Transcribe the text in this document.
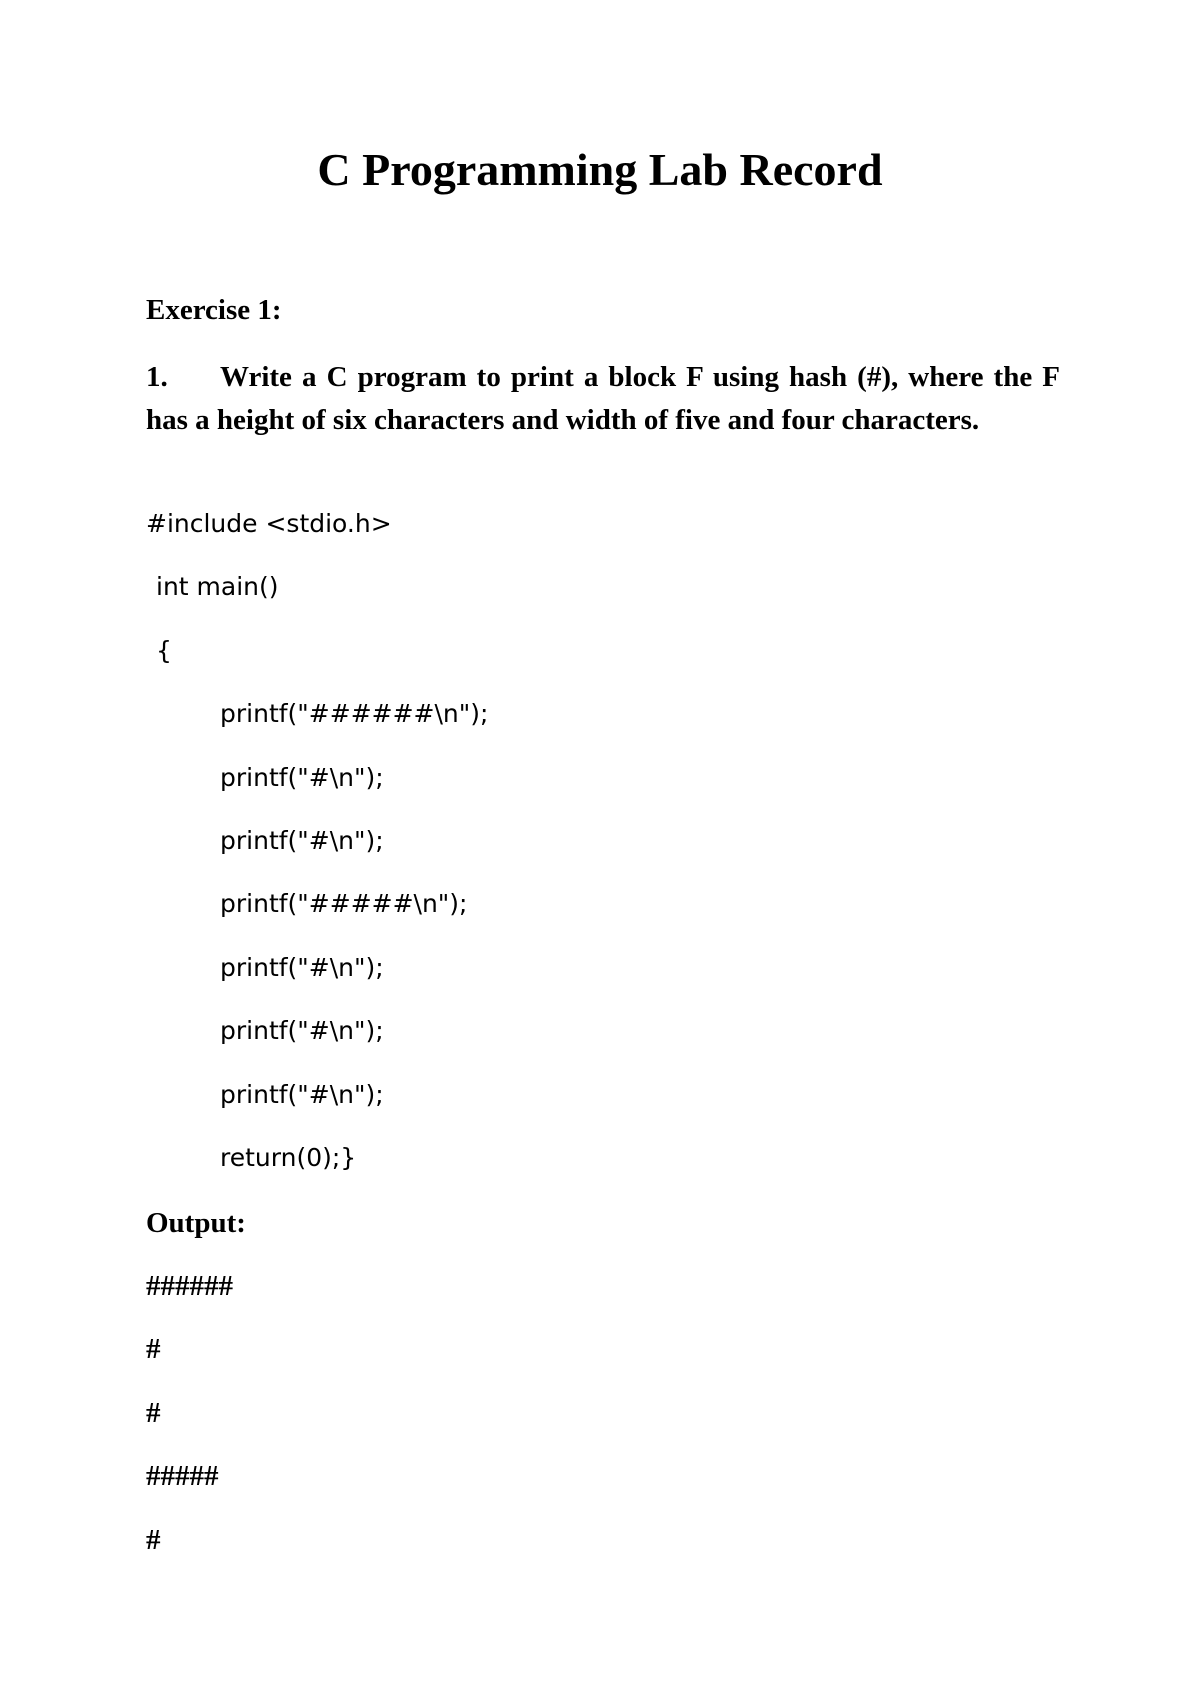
C Programming Lab Record
Exercise 1:
1. Write a C program to print a block F using hash (#), where the F has a height of six characters and width of five and four characters.
#include <stdio.h>
int main()
{
printf("######\n");
printf("#\n");
printf("#\n");
printf("#####\n");
printf("#\n");
printf("#\n");
printf("#\n");
return(0);}
Output:
######
#
#
#####
#
